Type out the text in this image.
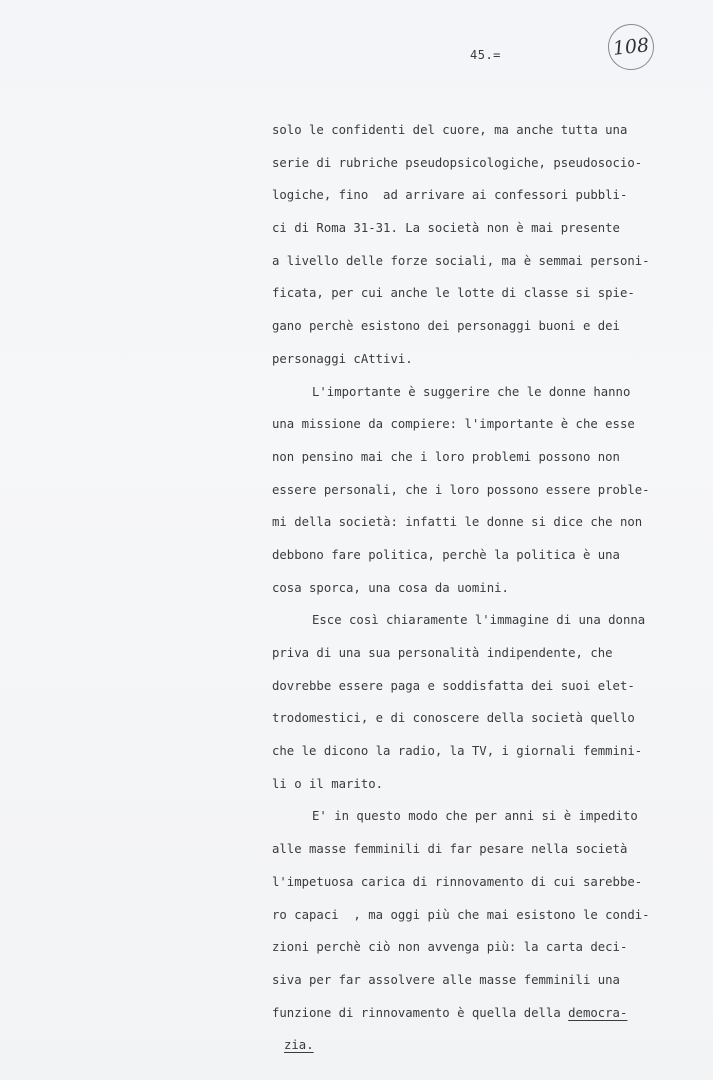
45.=	108
solo le confidenti del cuore, ma anche tutta una
serie di rubriche pseudopsicologiche, pseudosocio-
logiche, fino  ad arrivare ai confessori pubbli-
ci di Roma 31-31. La società non è mai presente
a livello delle forze sociali, ma è semmai personi-
ficata, per cui anche le lotte di classe si spie-
gano perchè esistono dei personaggi buoni e dei
personaggi cAttivi.
L'importante è suggerire che le donne hanno
una missione da compiere: l'importante è che esse
non pensino mai che i loro problemi possono non
essere personali, che i loro possono essere proble-
mi della società: infatti le donne si dice che non
debbono fare politica, perchè la politica è una
cosa sporca, una cosa da uomini.
Esce così chiaramente l'immagine di una donna
priva di una sua personalità indipendente, che
dovrebbe essere paga e soddisfatta dei suoi elet-
trodomestici, e di conoscere della società quello
che le dicono la radio, la TV, i giornali femmini-
li o il marito.
E' in questo modo che per anni si è impedito
alle masse femminili di far pesare nella società
l'impetuosa carica di rinnovamento di cui sarebbe-
ro capaci  , ma oggi più che mai esistono le condi-
zioni perchè ciò non avvenga più: la carta deci-
siva per far assolvere alle masse femminili una
funzione di rinnovamento è quella della democra-
zia.
